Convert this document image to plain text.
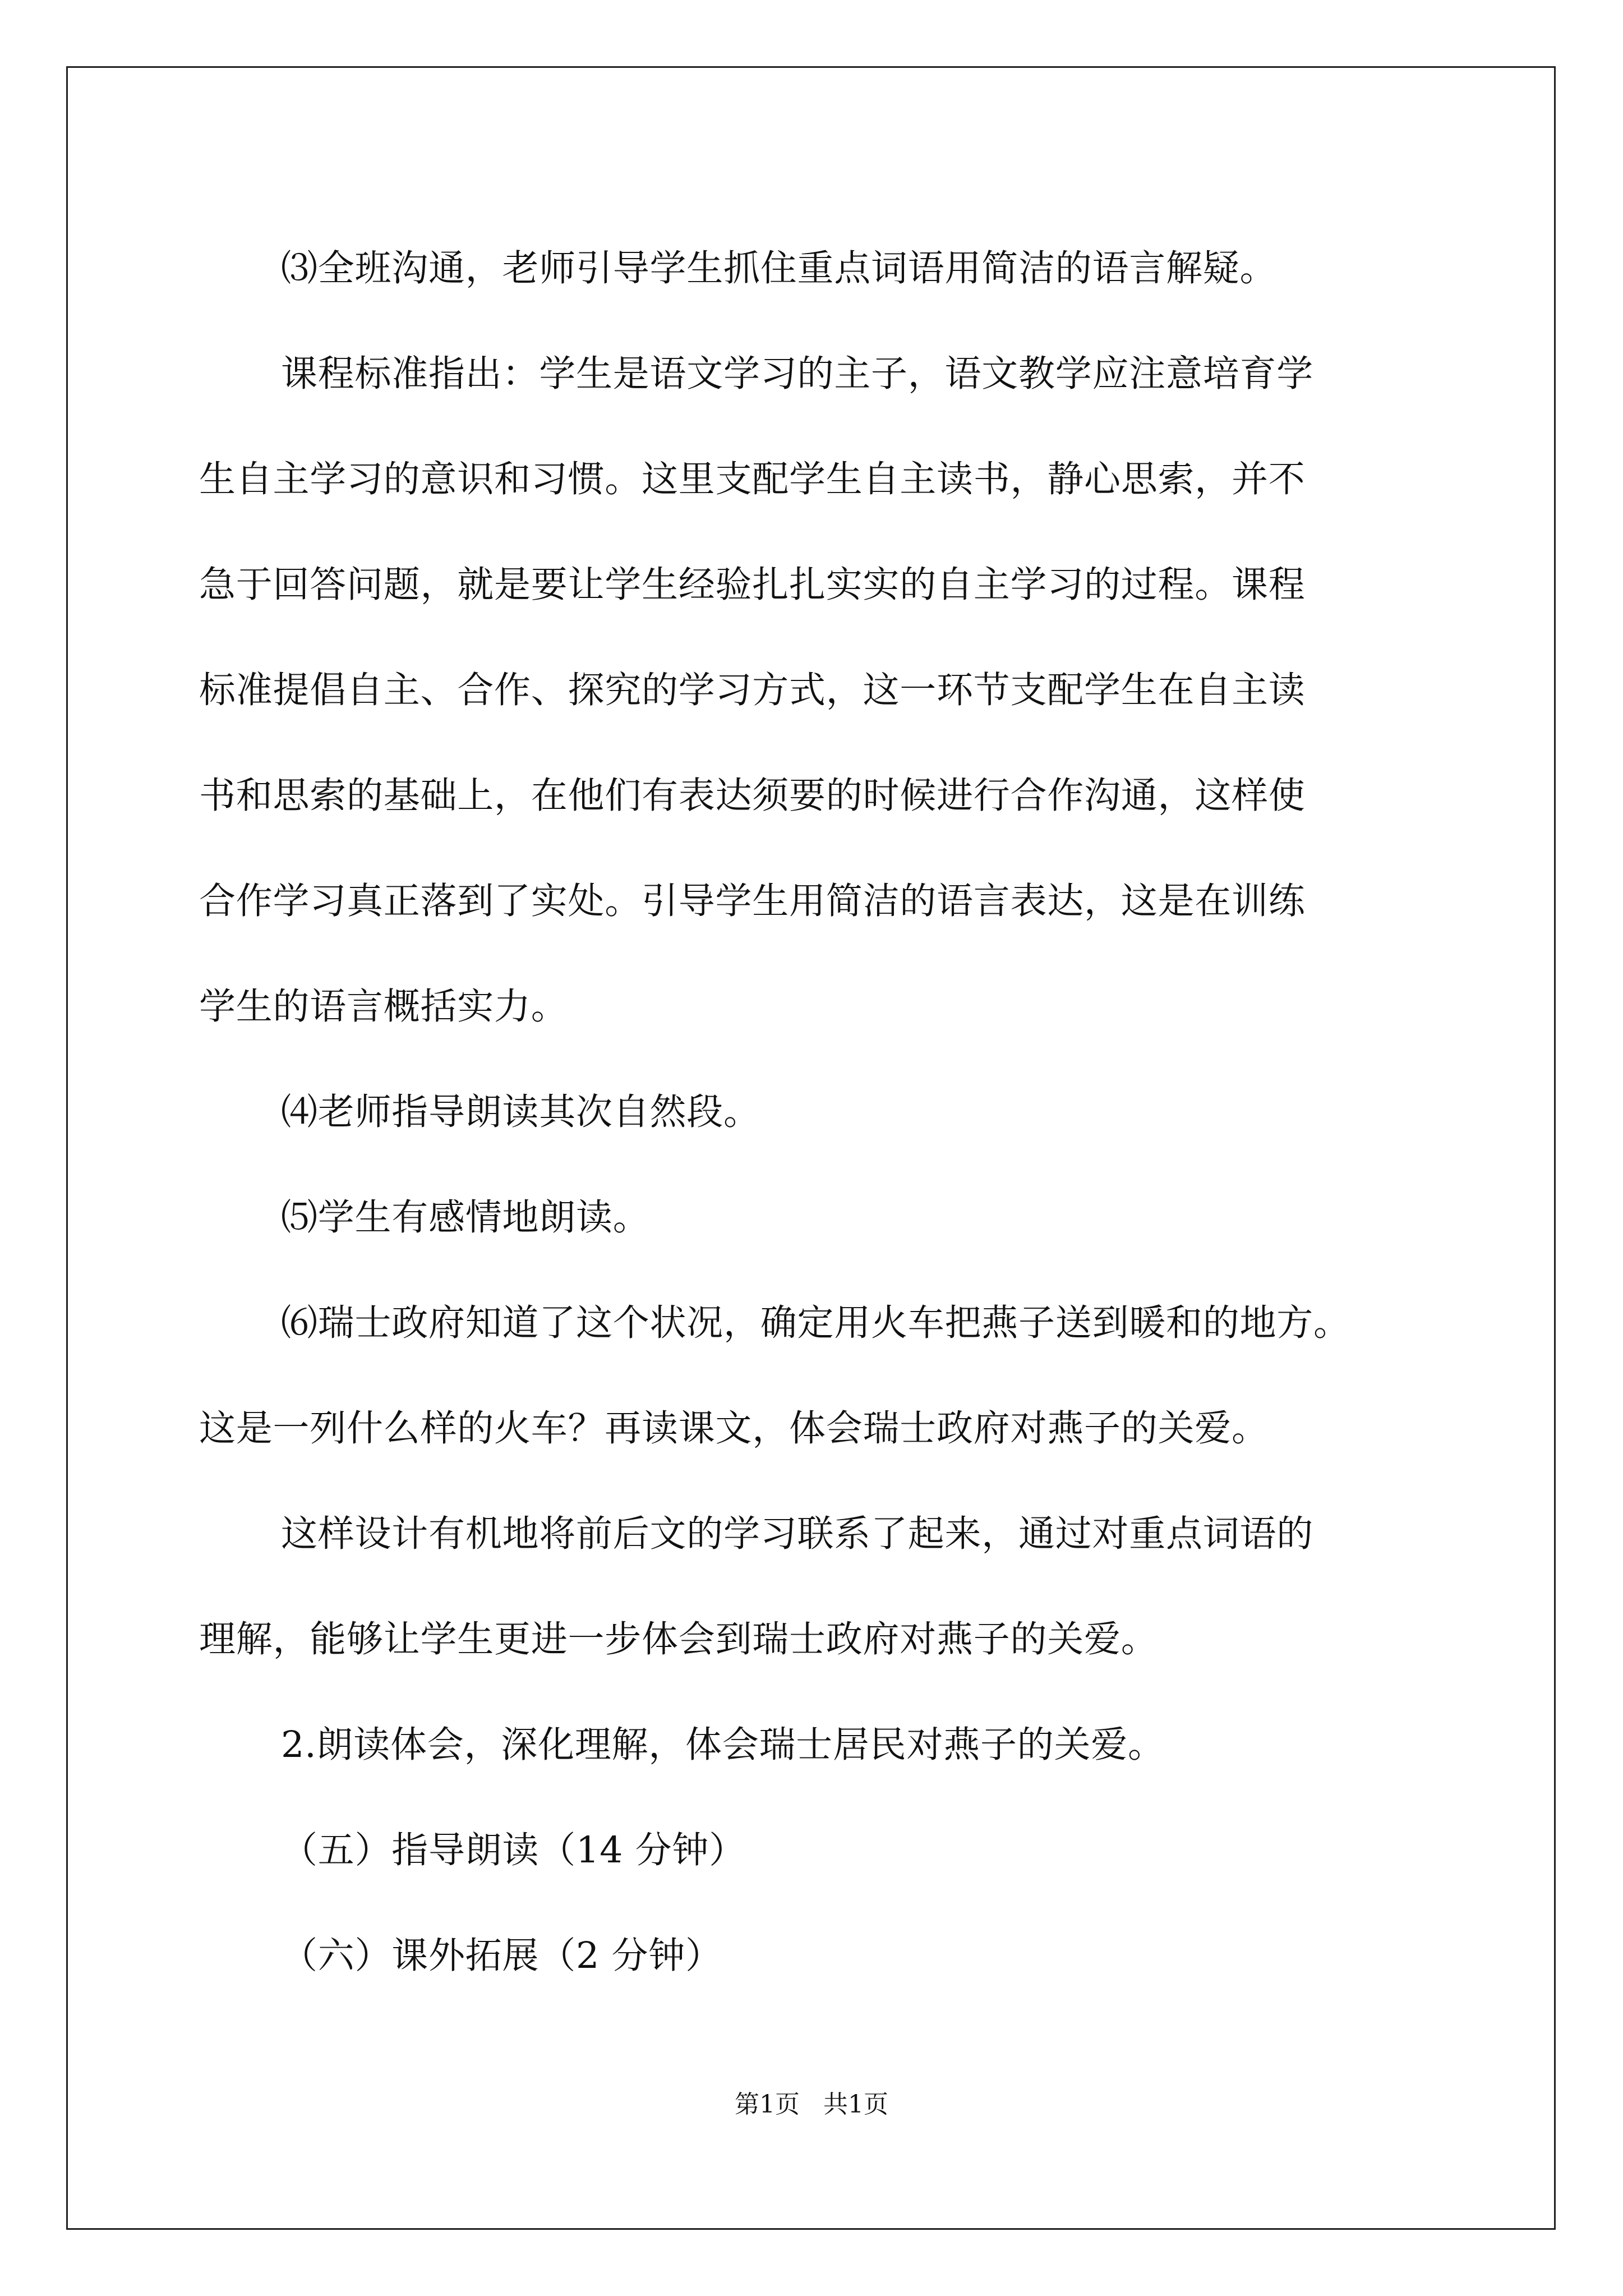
⑶全班沟通，老师引导学生抓住重点词语用简洁的语言解疑。

课程标准指出：学生是语文学习的主子，语文教学应注意培育学

生自主学习的意识和习惯。这里支配学生自主读书，静心思索，并不

急于回答问题，就是要让学生经验扎扎实实的自主学习的过程。课程

标准提倡自主、合作、探究的学习方式，这一环节支配学生在自主读

书和思索的基础上，在他们有表达须要的时候进行合作沟通，这样使

合作学习真正落到了实处。引导学生用简洁的语言表达，这是在训练

学生的语言概括实力。

⑷老师指导朗读其次自然段。

⑸学生有感情地朗读。

⑹瑞士政府知道了这个状况，确定用火车把燕子送到暖和的地方。

这是一列什么样的火车？再读课文，体会瑞士政府对燕子的关爱。

这样设计有机地将前后文的学习联系了起来，通过对重点词语的

理解，能够让学生更进一步体会到瑞士政府对燕子的关爱。

2.朗读体会，深化理解，体会瑞士居民对燕子的关爱。

（五）指导朗读（14 分钟）

（六）课外拓展（2 分钟）

第1页 共1页
